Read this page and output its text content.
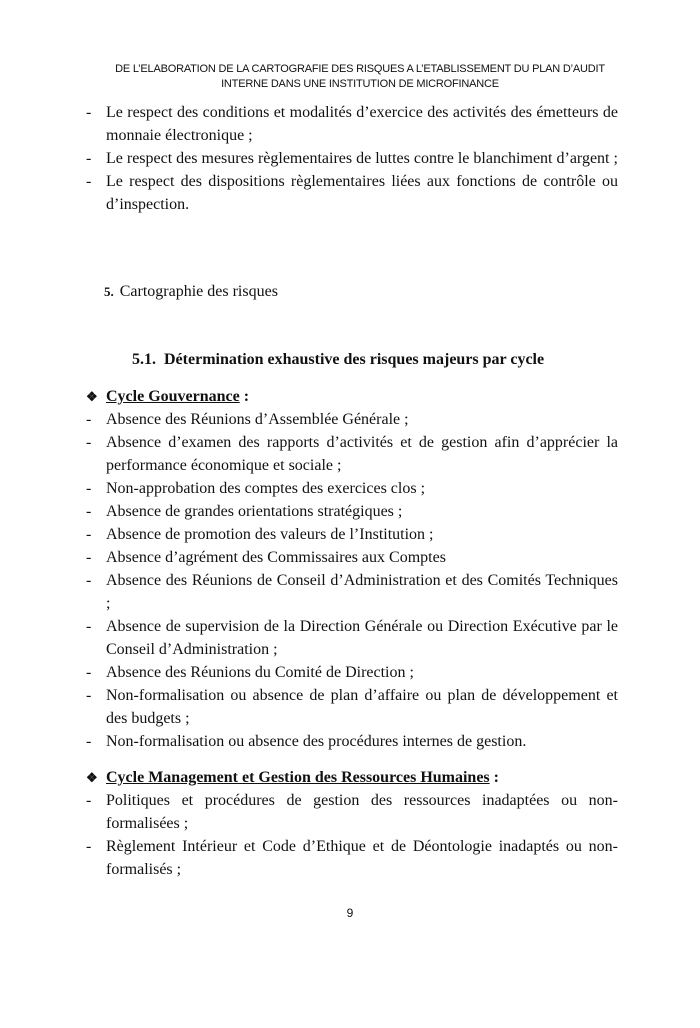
DE L’ELABORATION DE LA CARTOGRAFIE DES RISQUES A L’ETABLISSEMENT DU PLAN D’AUDIT
INTERNE DANS UNE INSTITUTION DE MICROFINANCE
- Le respect des conditions et modalités d’exercice des activités des émetteurs de monnaie électronique ;
- Le respect des mesures règlementaires de luttes contre le blanchiment d’argent ;
- Le respect des dispositions règlementaires liées aux fonctions de contrôle ou d’inspection.
5. Cartographie des risques
5.1. Détermination exhaustive des risques majeurs par cycle
❖ Cycle Gouvernance :
- Absence des Réunions d’Assemblée Générale ;
- Absence d’examen des rapports d’activités et de gestion afin d’apprécier la performance économique et sociale ;
- Non-approbation des comptes des exercices clos ;
- Absence de grandes orientations stratégiques ;
- Absence de promotion des valeurs de l’Institution ;
- Absence d’agrément des Commissaires aux Comptes
- Absence des Réunions de Conseil d’Administration et des Comités Techniques ;
- Absence de supervision de la Direction Générale ou Direction Exécutive par le Conseil d’Administration ;
- Absence des Réunions du Comité de Direction ;
- Non-formalisation ou absence de plan d’affaire ou plan de développement et des budgets ;
- Non-formalisation ou absence des procédures internes de gestion.
❖ Cycle Management et Gestion des Ressources Humaines :
- Politiques et procédures de gestion des ressources inadaptées ou non-formalisées ;
- Règlement Intérieur et Code d’Ethique et de Déontologie inadaptés ou non-formalisés ;
9
